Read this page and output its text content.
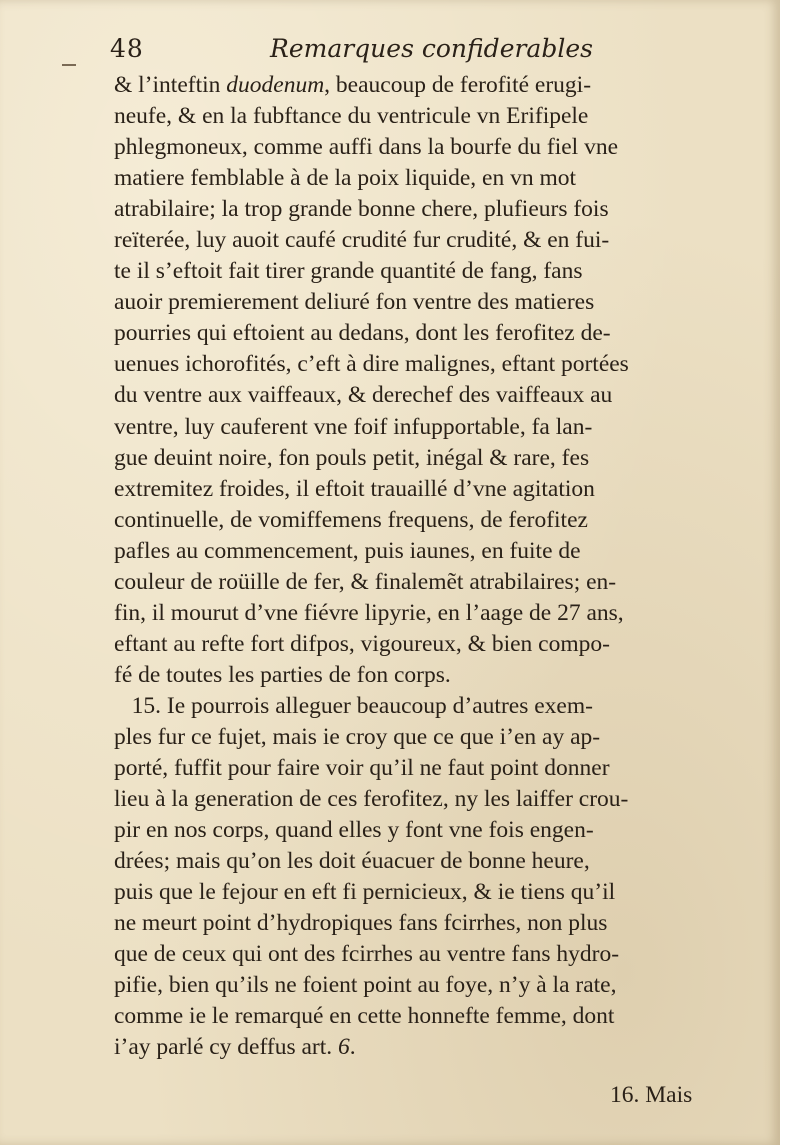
48	Remarques confiderables

& l’inteftin duodenum, beaucoup de ferofité erugi-
neufe, & en la fubftance du ventricule vn Erifipele
phlegmoneux, comme auffi dans la bourfe du fiel vne
matiere femblable à de la poix liquide, en vn mot
atrabilaire; la trop grande bonne chere, plufieurs fois
reïterée, luy auoit caufé crudité fur crudité, & en fui-
te il s’eftoit fait tirer grande quantité de fang, fans
auoir premierement deliuré fon ventre des matieres
pourries qui eftoient au dedans, dont les ferofitez de-
uenues ichorofités, c’eft à dire malignes, eftant portées
du ventre aux vaiffeaux, & derechef des vaiffeaux au
ventre, luy cauferent vne foif infupportable, fa lan-
gue deuint noire, fon pouls petit, inégal & rare, fes
extremitez froides, il eftoit trauaillé d’vne agitation
continuelle, de vomiffemens frequens, de ferofitez
pafles au commencement, puis iaunes, en fuite de
couleur de roüille de fer, & finalemẽt atrabilaires; en-
fin, il mourut d’vne fiévre lipyrie, en l’aage de 27 ans,
eftant au refte fort difpos, vigoureux, & bien compo-
fé de toutes les parties de fon corps.
15. Ie pourrois alleguer beaucoup d’autres exem-
ples fur ce fujet, mais ie croy que ce que i’en ay ap-
porté, fuffit pour faire voir qu’il ne faut point donner
lieu à la generation de ces ferofitez, ny les laiffer crou-
pir en nos corps, quand elles y font vne fois engen-
drées; mais qu’on les doit éuacuer de bonne heure,
puis que le fejour en eft fi pernicieux, & ie tiens qu’il
ne meurt point d’hydropiques fans fcirrhes, non plus
que de ceux qui ont des fcirrhes au ventre fans hydro-
pifie, bien qu’ils ne foient point au foye, n’y à la rate,
comme ie le remarqué en cette honnefte femme, dont
i’ay parlé cy deffus art. 6.

16. Mais
